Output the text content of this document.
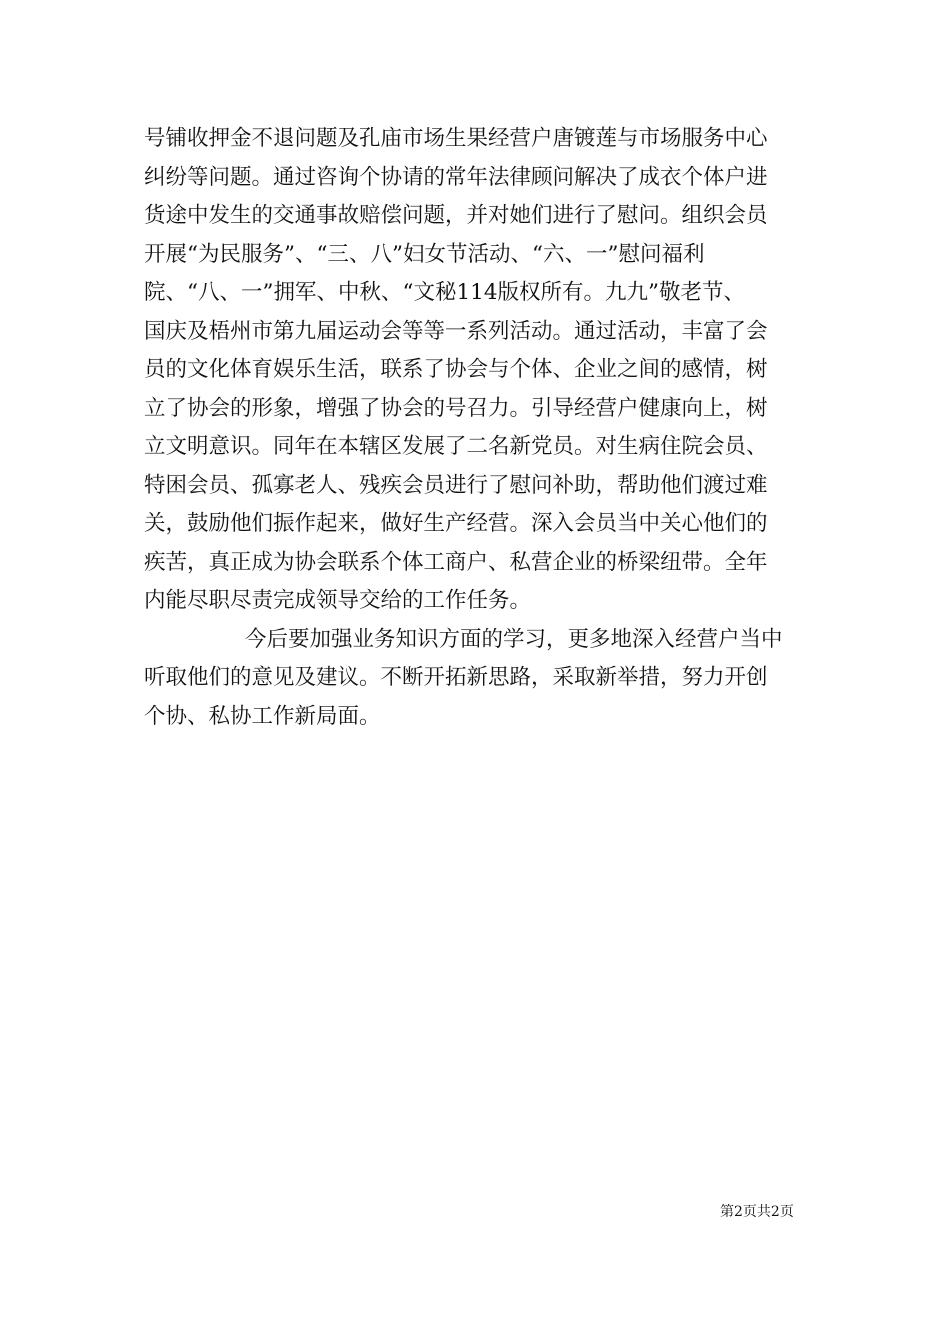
号铺收押金不退问题及孔庙市场生果经营户唐镀莲与市场服务中心
纠纷等问题。通过咨询个协请的常年法律顾问解决了成衣个体户进
货途中发生的交通事故赔偿问题，并对她们进行了慰问。组织会员
开展“为民服务”、“三、八”妇女节活动、“六、一”慰问福利
院、“八、一”拥军、中秋、“文秘114版权所有。九九”敬老节、
国庆及梧州市第九届运动会等等一系列活动。通过活动，丰富了会
员的文化体育娱乐生活，联系了协会与个体、企业之间的感情，树
立了协会的形象，增强了协会的号召力。引导经营户健康向上，树
立文明意识。同年在本辖区发展了二名新党员。对生病住院会员、
特困会员、孤寡老人、残疾会员进行了慰问补助，帮助他们渡过难
关，鼓励他们振作起来，做好生产经营。深入会员当中关心他们的
疾苦，真正成为协会联系个体工商户、私营企业的桥梁纽带。全年
内能尽职尽责完成领导交给的工作任务。
今后要加强业务知识方面的学习，更多地深入经营户当中
听取他们的意见及建议。不断开拓新思路，采取新举措，努力开创
个协、私协工作新局面。
第2页共2页
